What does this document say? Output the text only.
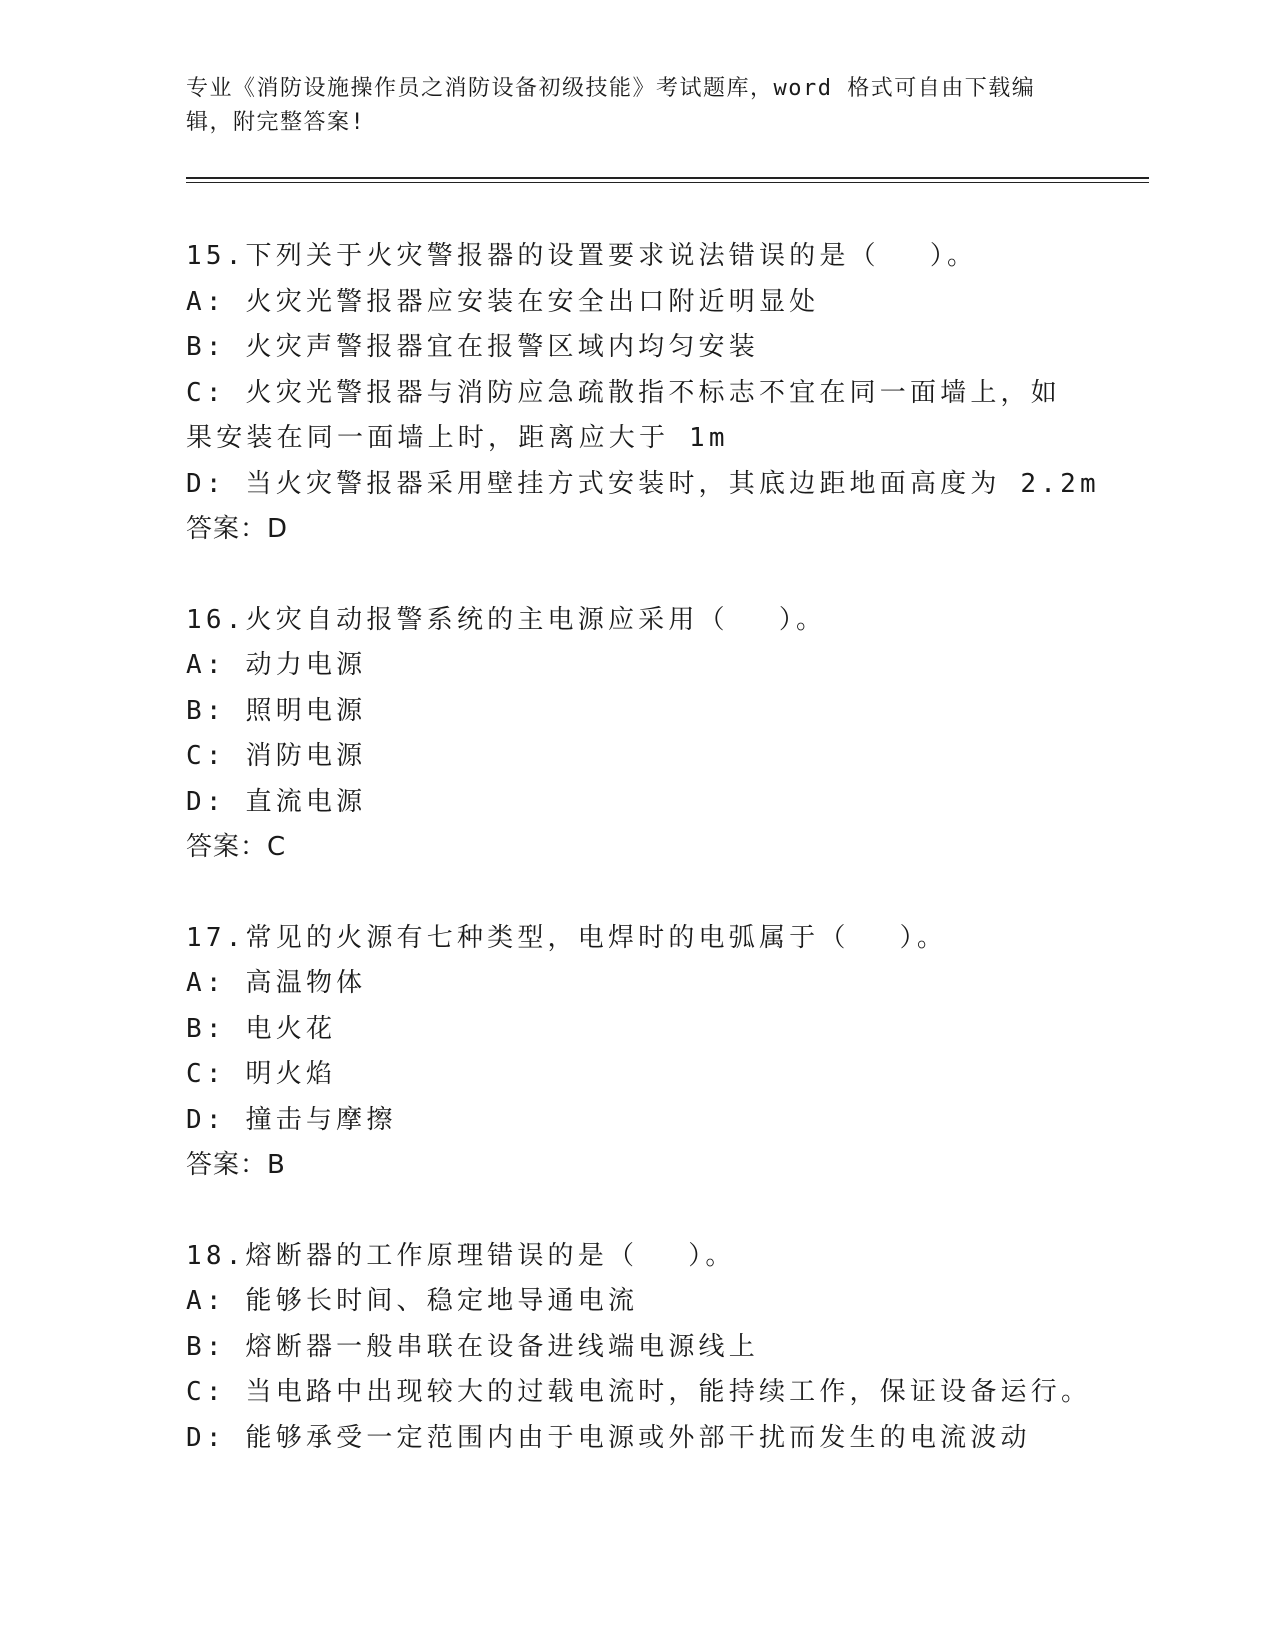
专业《消防设施操作员之消防设备初级技能》考试题库，word 格式可自由下载编辑，附完整答案!
15.下列关于火灾警报器的设置要求说法错误的是（　 ）。
A: 火灾光警报器应安装在安全出口附近明显处
B: 火灾声警报器宜在报警区域内均匀安装
C: 火灾光警报器与消防应急疏散指不标志不宜在同一面墙上，如果安装在同一面墙上时，距离应大于 1m
D: 当火灾警报器采用壁挂方式安装时，其底边距地面高度为 2.2m
答案：D
16.火灾自动报警系统的主电源应采用（　 ）。
A: 动力电源
B: 照明电源
C: 消防电源
D: 直流电源
答案：C
17.常见的火源有七种类型，电焊时的电弧属于（　 ）。
A: 高温物体
B: 电火花
C: 明火焰
D: 撞击与摩擦
答案：B
18.熔断器的工作原理错误的是（　 ）。
A: 能够长时间、稳定地导通电流
B: 熔断器一般串联在设备进线端电源线上
C: 当电路中出现较大的过载电流时，能持续工作，保证设备运行。
D: 能够承受一定范围内由于电源或外部干扰而发生的电流波动
